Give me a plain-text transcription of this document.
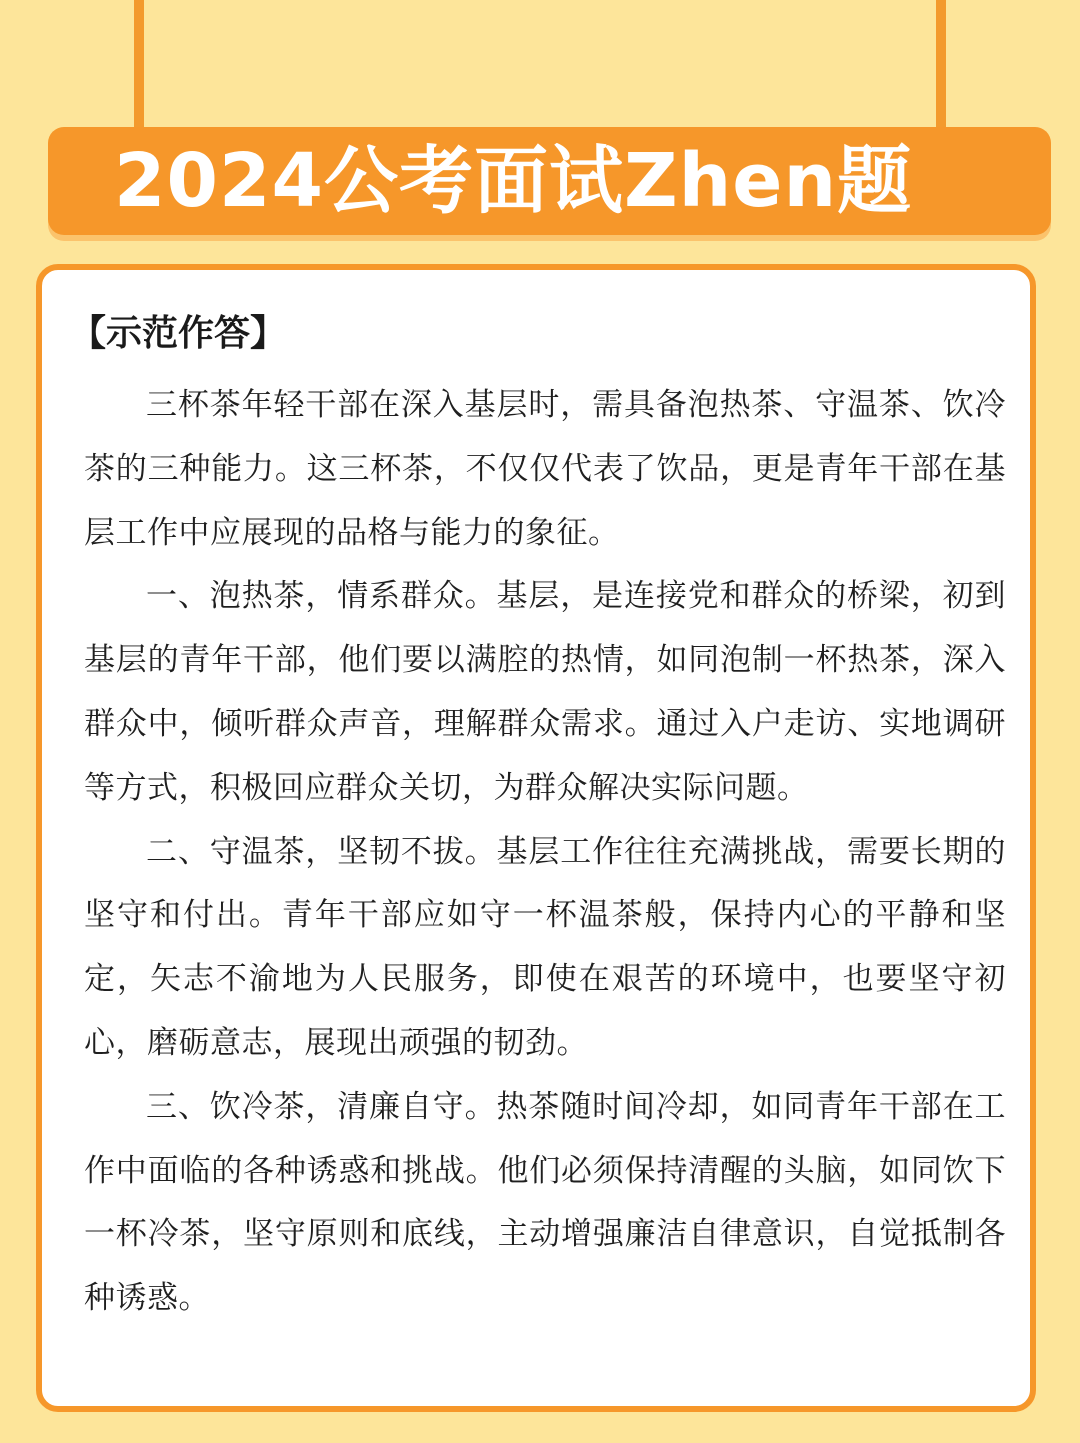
2024公考面试Zhen题
【示范作答】

三杯茶年轻干部在深入基层时，需具备泡热茶、守温茶、饮冷茶的三种能力。这三杯茶，不仅仅代表了饮品，更是青年干部在基层工作中应展现的品格与能力的象征。

一、泡热茶，情系群众。基层，是连接党和群众的桥梁，初到基层的青年干部，他们要以满腔的热情，如同泡制一杯热茶，深入群众中，倾听群众声音，理解群众需求。通过入户走访、实地调研等方式，积极回应群众关切，为群众解决实际问题。

二、守温茶，坚韧不拔。基层工作往往充满挑战，需要长期的坚守和付出。青年干部应如守一杯温茶般，保持内心的平静和坚定，矢志不渝地为人民服务，即使在艰苦的环境中，也要坚守初心，磨砺意志，展现出顽强的韧劲。

三、饮冷茶，清廉自守。热茶随时间冷却，如同青年干部在工作中面临的各种诱惑和挑战。他们必须保持清醒的头脑，如同饮下一杯冷茶，坚守原则和底线，主动增强廉洁自律意识，自觉抵制各种诱惑。
